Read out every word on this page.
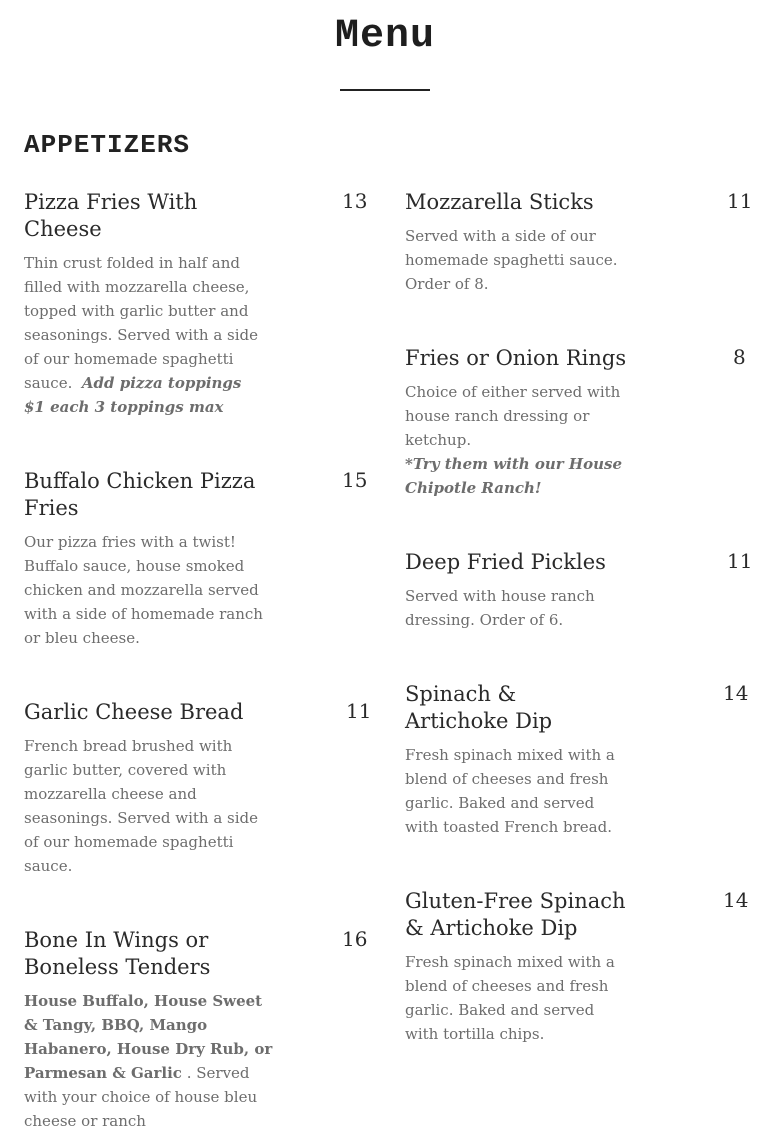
Menu
APPETIZERS
Pizza Fries With Cheese
13
Thin crust folded in half and filled with mozzarella cheese, topped with garlic butter and seasonings. Served with a side of our homemade spaghetti sauce. Add pizza toppings $1 each 3 toppings max
Buffalo Chicken Pizza Fries
15
Our pizza fries with a twist! Buffalo sauce, house smoked chicken and mozzarella served with a side of homemade ranch or bleu cheese.
Garlic Cheese Bread	11
French bread brushed with garlic butter, covered with mozzarella cheese and seasonings. Served with a side of our homemade spaghetti sauce.
Bone In Wings or Boneless Tenders
16
House Buffalo, House Sweet & Tangy, BBQ, Mango Habanero, House Dry Rub, or Parmesan & Garlic . Served with your choice of house bleu cheese or ranch
Mozzarella Sticks	11
Served with a side of our homemade spaghetti sauce. Order of 8.
Fries or Onion Rings	8
Choice of either served with house ranch dressing or ketchup.
*Try them with our House Chipotle Ranch!
Deep Fried Pickles	11
Served with house ranch dressing. Order of 6.
Spinach & Artichoke Dip
14
Fresh spinach mixed with a blend of cheeses and fresh garlic. Baked and served with toasted French bread.
Gluten-Free Spinach & Artichoke Dip
14
Fresh spinach mixed with a blend of cheeses and fresh garlic. Baked and served with tortilla chips.
